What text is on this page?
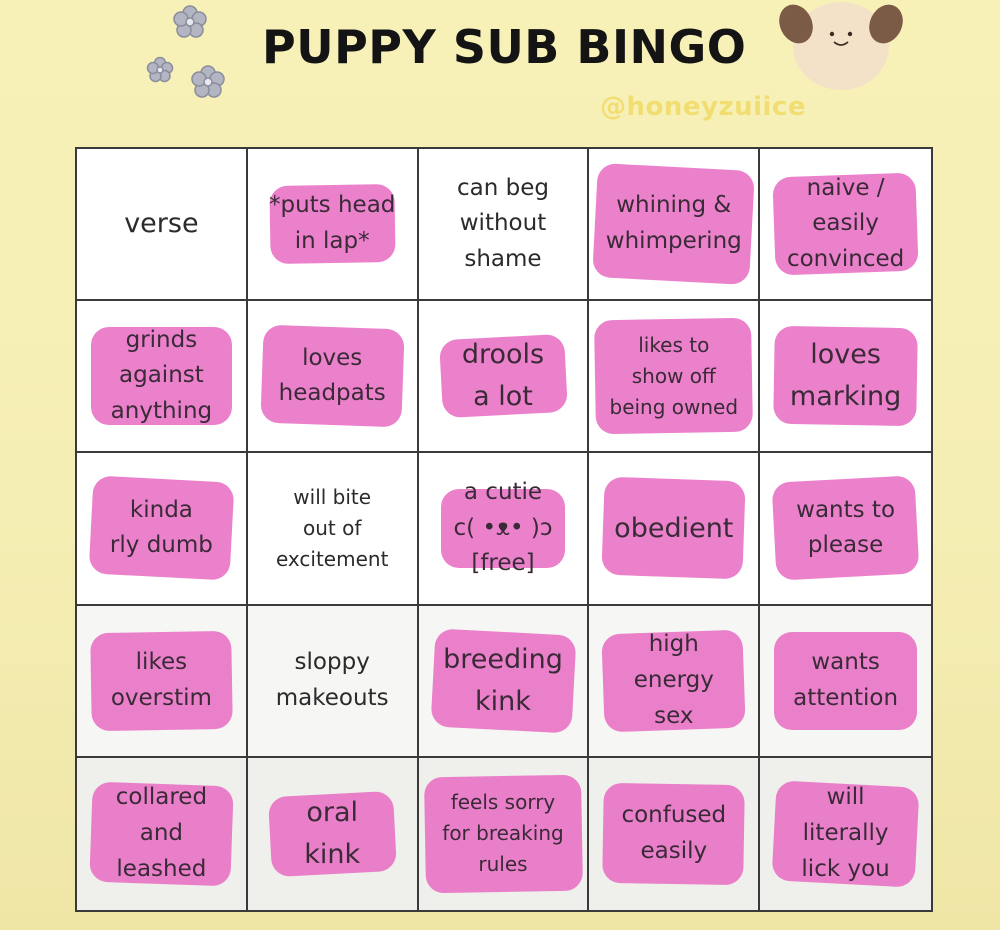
PUPPY SUB BINGO
@honeyzuiice
verse
*puts head
in lap*
can beg
without
shame
whining &
whimpering
naive /
easily
convinced
grinds
against
anything
loves
headpats
drools
a lot
likes to
show off
being owned
loves
marking
kinda
rly dumb
will bite
out of
excitement
a cutie
c( •ᴥ• )ɔ
[free]
obedient
wants to
please
likes
overstim
sloppy
makeouts
breeding
kink
high
energy
sex
wants
attention
collared
and
leashed
oral
kink
feels sorry
for breaking
rules
confused
easily
will
literally
lick you
